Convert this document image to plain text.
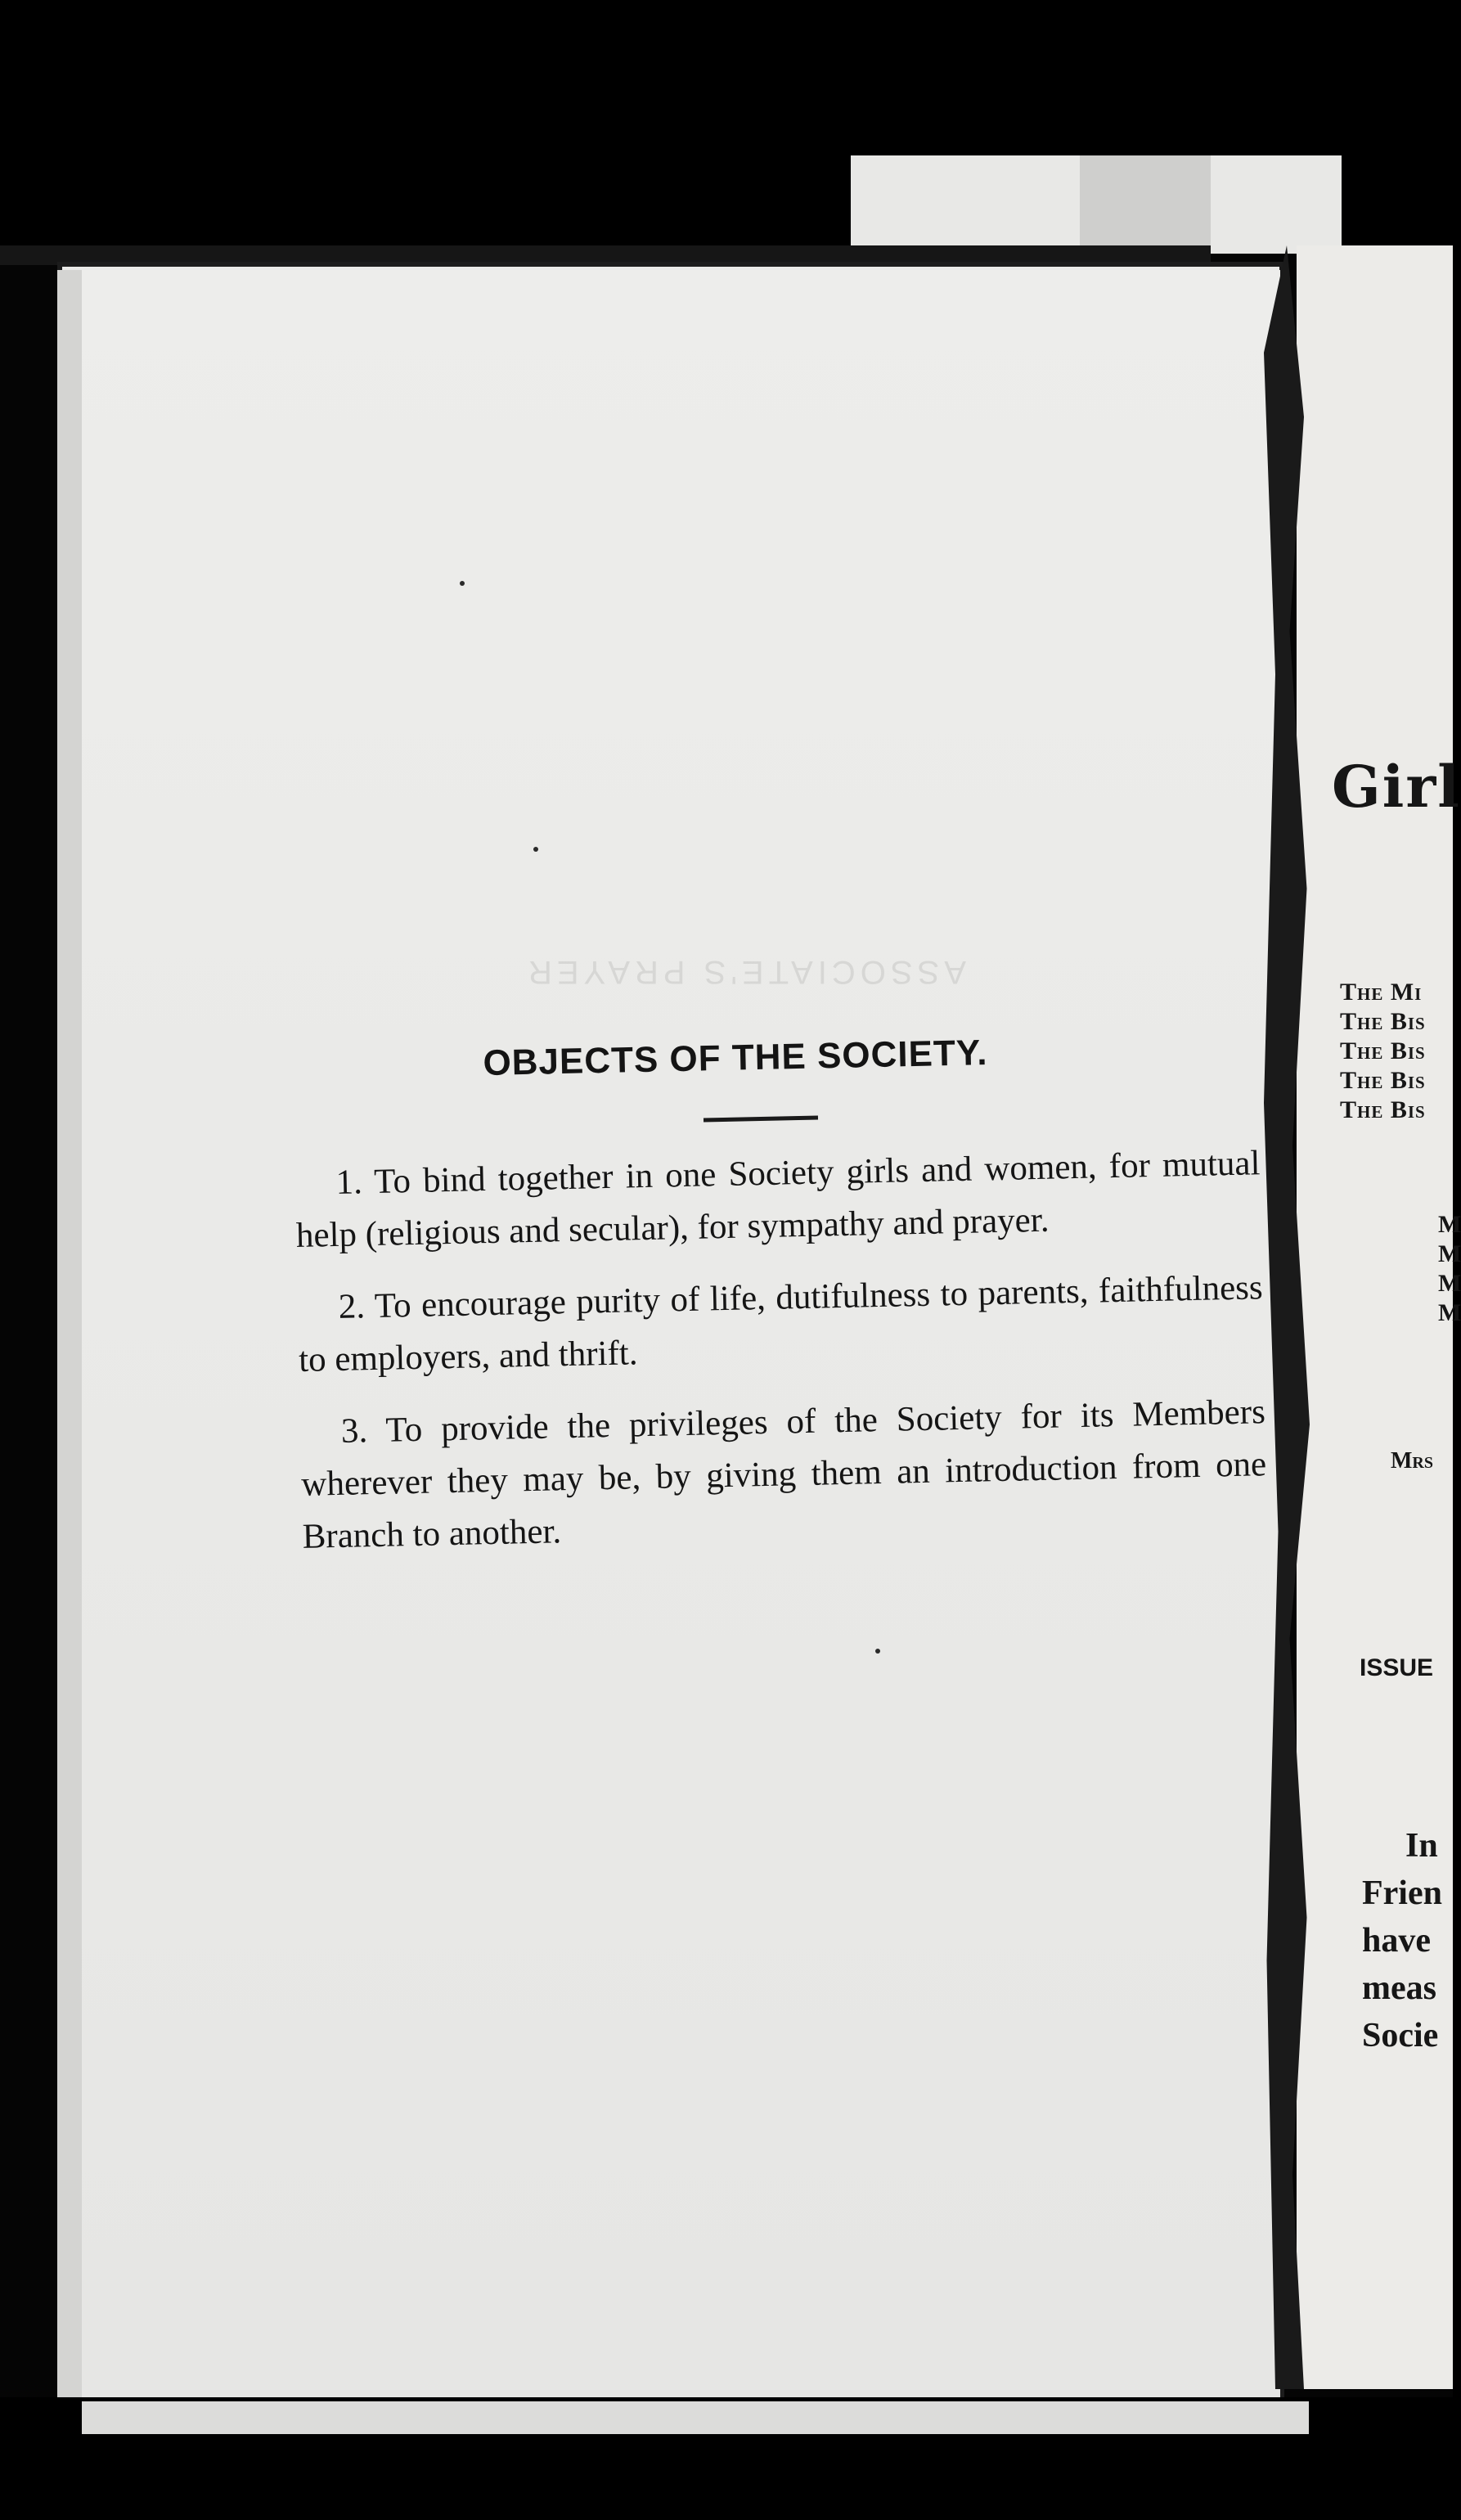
ASSOCIATE'S PRAYER
OBJECTS OF THE SOCIETY.

1. To bind together in one Society girls and women, for mutual help (religious and secular), for sympathy and prayer.

2. To encourage purity of life, dutifulness to parents, faithfulness to employers, and thrift.

3. To provide the privileges of the Society for its Members wherever they may be, by giving them an introduction from one Branch to another.

Girl
The Mi
The Bis
The Bis
The Bis
The Bis
M
M
M
M
Mrs
ISSUE
In
Frien
have
meas
Socie
